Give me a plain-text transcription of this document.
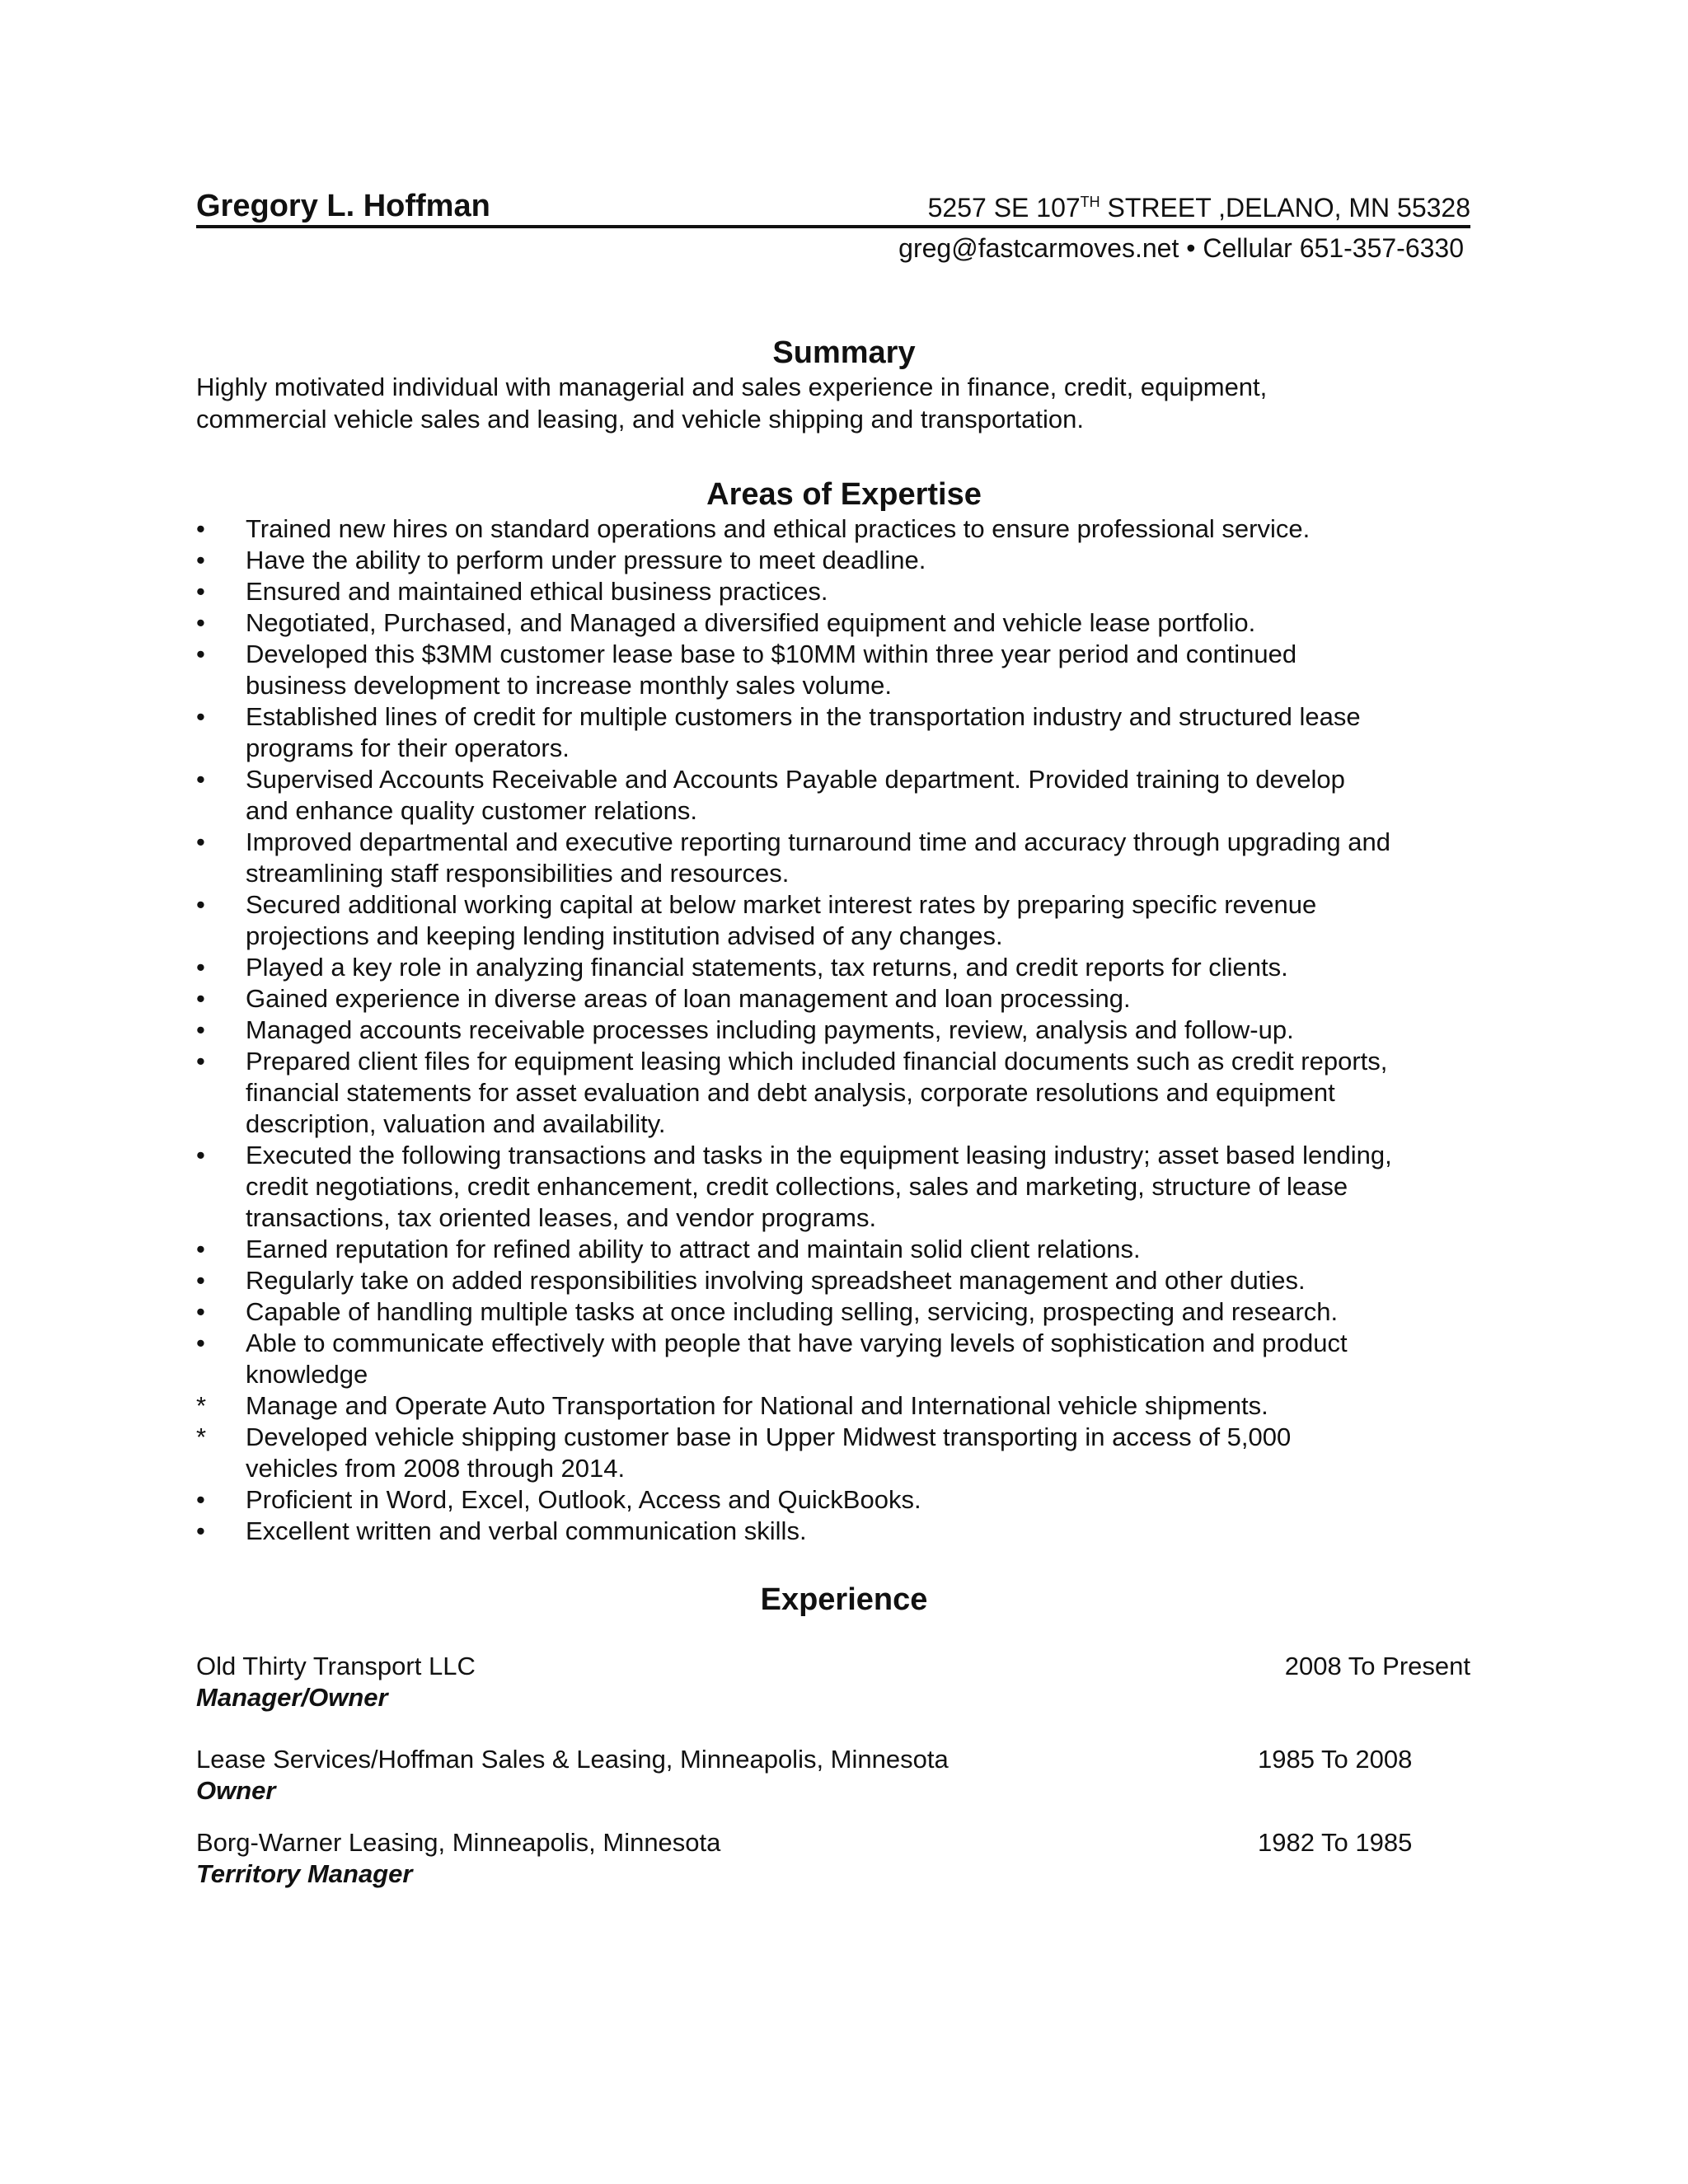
Gregory L. Hoffman	5257 SE 107TH STREET ,DELANO, MN 55328
greg@fastcarmoves.net • Cellular 651-357-6330
Summary
Highly motivated individual with managerial and sales experience in finance, credit, equipment,
commercial vehicle sales and leasing, and vehicle shipping and transportation.
Areas of Expertise
•	Trained new hires on standard operations and ethical practices to ensure professional service.
•	Have the ability to perform under pressure to meet deadline.
•	Ensured and maintained ethical business practices.
•	Negotiated, Purchased, and Managed a diversified equipment and vehicle lease portfolio.
•	Developed this $3MM customer lease base to $10MM within three year period and continued
business development to increase monthly sales volume.
•	Established lines of credit for multiple customers in the transportation industry and structured lease
programs for their operators.
•	Supervised Accounts Receivable and Accounts Payable department. Provided training to develop
and enhance quality customer relations.
•	Improved departmental and executive reporting turnaround time and accuracy through upgrading and
streamlining staff responsibilities and resources.
•	Secured additional working capital at below market interest rates by preparing specific revenue
projections and keeping lending institution advised of any changes.
•	Played a key role in analyzing financial statements, tax returns, and credit reports for clients.
•	Gained experience in diverse areas of loan management and loan processing.
•	Managed accounts receivable processes including payments, review, analysis and follow-up.
•	Prepared client files for equipment leasing which included financial documents such as credit reports,
financial statements for asset evaluation and debt analysis, corporate resolutions and equipment
description, valuation and availability.
•	Executed the following transactions and tasks in the equipment leasing industry; asset based lending,
credit negotiations, credit enhancement, credit collections, sales and marketing, structure of lease
transactions, tax oriented leases, and vendor programs.
•	Earned reputation for refined ability to attract and maintain solid client relations.
•	Regularly take on added responsibilities involving spreadsheet management and other duties.
•	Capable of handling multiple tasks at once including selling, servicing, prospecting and research.
•	Able to communicate effectively with people that have varying levels of sophistication and product
knowledge
*	Manage and Operate Auto Transportation for National and International vehicle shipments.
*	Developed vehicle shipping customer base in Upper Midwest transporting in access of 5,000
vehicles from 2008 through 2014.
•	Proficient in Word, Excel, Outlook, Access and QuickBooks.
•	Excellent written and verbal communication skills.
Experience
Old Thirty Transport LLC	2008 To Present
Manager/Owner
Lease Services/Hoffman Sales & Leasing, Minneapolis, Minnesota	1985 To 2008
Owner
Borg-Warner Leasing, Minneapolis, Minnesota	1982 To 1985
Territory Manager
